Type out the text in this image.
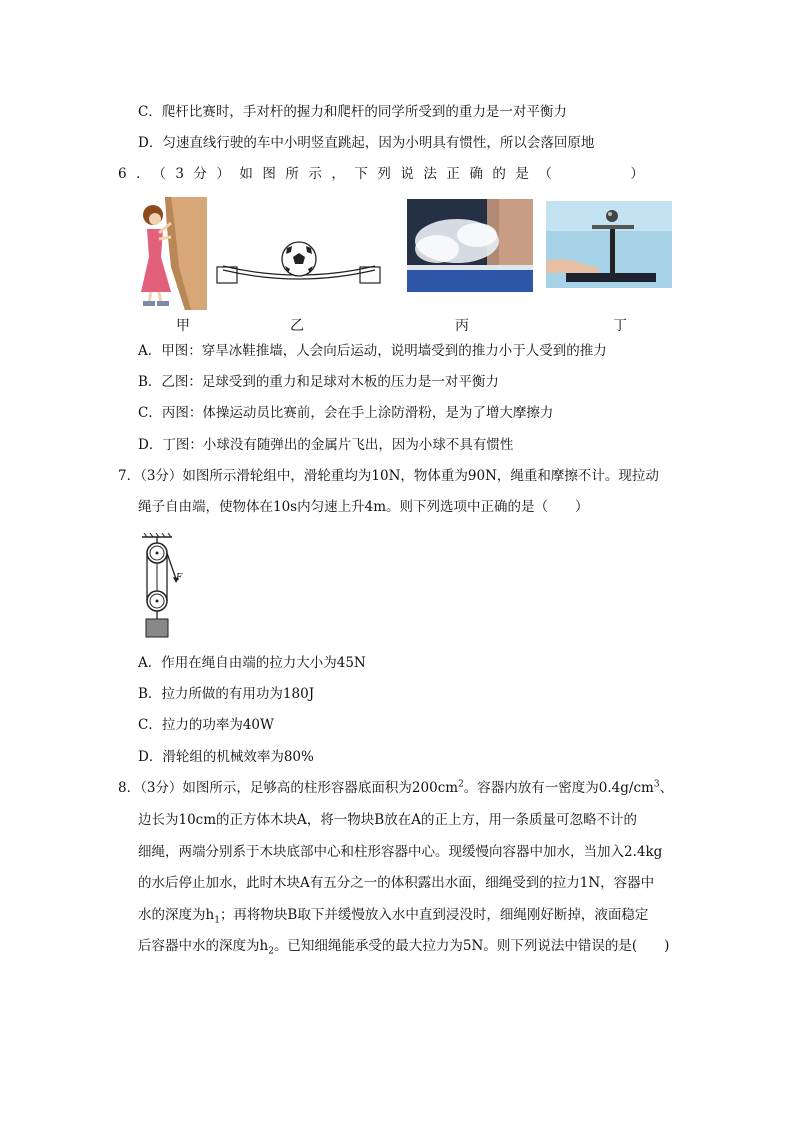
C．爬杆比赛时，手对杆的握力和爬杆的同学所受到的重力是一对平衡力
D．匀速直线行驶的车中小明竖直跳起，因为小明具有惯性，所以会落回原地
6．（3分）如图所示，下列说法正确的是（　　　）
甲	乙	丙	丁
A．甲图：穿旱冰鞋推墙，人会向后运动，说明墙受到的推力小于人受到的推力
B．乙图：足球受到的重力和足球对木板的压力是一对平衡力
C．丙图：体操运动员比赛前，会在手上涂防滑粉，是为了增大摩擦力
D．丁图：小球没有随弹出的金属片飞出，因为小球不具有惯性
7．（3分）如图所示滑轮组中，滑轮重均为10N，物体重为90N，绳重和摩擦不计。现拉动
绳子自由端，使物体在10s内匀速上升4m。则下列选项中正确的是（　　）
F
A．作用在绳自由端的拉力大小为45N
B．拉力所做的有用功为180J
C．拉力的功率为40W
D．滑轮组的机械效率为80%
8．（3分）如图所示，足够高的柱形容器底面积为$200cm^2$。容器内放有一密度为$0.4g/cm^3$、
边长为10cm的正方体木块A，将一物块B放在A的正上方，用一条质量可忽略不计的
细绳，两端分别系于木块底部中心和柱形容器中心。现缓慢向容器中加水，当加入2.4kg
的水后停止加水，此时木块A有五分之一的体积露出水面，细绳受到的拉力1N，容器中
水的深度为$h_1$；再将物块B取下并缓慢放入水中直到浸没时，细绳刚好断掉，液面稳定
后容器中水的深度为$h_2$。已知细绳能承受的最大拉力为5N。则下列说法中错误的是(　　)
